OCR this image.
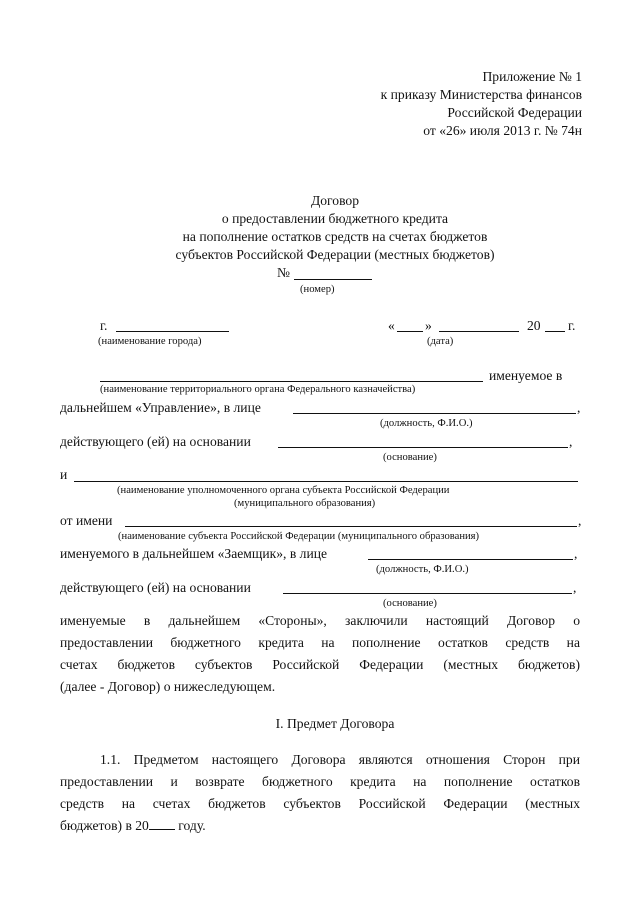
Приложение № 1
к приказу Министерства финансов
Российской Федерации
от «26» июля 2013 г. № 74н
Договор
о предоставлении бюджетного кредита
на пополнение остатков средств на счетах бюджетов
субъектов Российской Федерации (местных бюджетов)
№
(номер)
г.
(наименование города)
« »	20 г.
(дата)
именуемое в
(наименование территориального органа Федерального казначейства)
дальнейшем «Управление», в лице	,
(должность, Ф.И.О.)
действующего (ей) на основании	,
(основание)
и
(наименование уполномоченного органа субъекта Российской Федерации
(муниципального образования)
от имени	,
(наименование субъекта Российской Федерации (муниципального образования)
именуемого в дальнейшем «Заемщик», в лице	,
(должность, Ф.И.О.)
действующего (ей) на основании	,
(основание)
именуемые в дальнейшем «Стороны», заключили настоящий Договор о
предоставлении бюджетного кредита на пополнение остатков средств на
счетах бюджетов субъектов Российской Федерации (местных бюджетов)
(далее - Договор) о нижеследующем.
I. Предмет Договора
1.1. Предметом настоящего Договора являются отношения Сторон при
предоставлении и возврате бюджетного кредита на пополнение остатков
средств на счетах бюджетов субъектов Российской Федерации (местных
бюджетов) в 20 году.
